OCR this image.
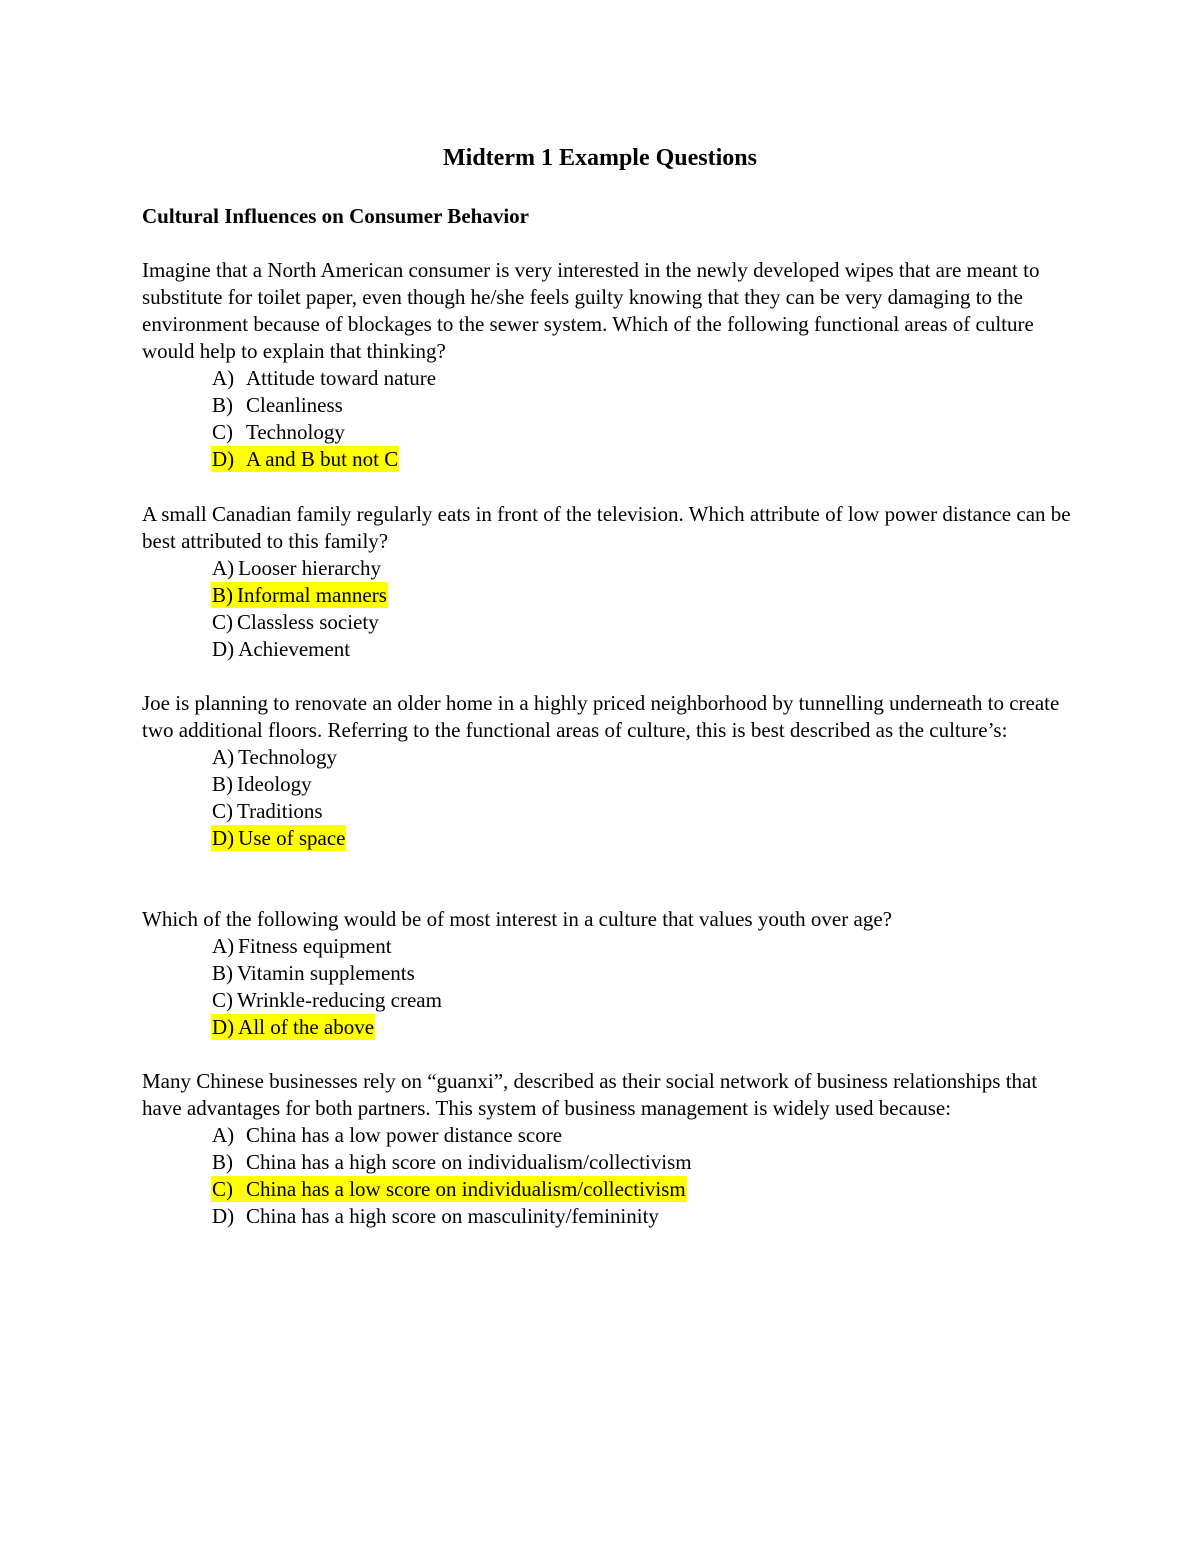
Midterm 1 Example Questions
Cultural Influences on Consumer Behavior

Imagine that a North American consumer is very interested in the newly developed wipes that are meant to substitute for toilet paper, even though he/she feels guilty knowing that they can be very damaging to the environment because of blockages to the sewer system. Which of the following functional areas of culture would help to explain that thinking?

A) Attitude toward nature
B) Cleanliness
C) Technology
D) A and B but not C

A small Canadian family regularly eats in front of the television. Which attribute of low power distance can be best attributed to this family?

A) Looser hierarchy
B) Informal manners
C) Classless society
D) Achievement

Joe is planning to renovate an older home in a highly priced neighborhood by tunnelling underneath to create two additional floors. Referring to the functional areas of culture, this is best described as the culture’s:

A) Technology
B) Ideology
C) Traditions
D) Use of space

Which of the following would be of most interest in a culture that values youth over age?

A) Fitness equipment
B) Vitamin supplements
C) Wrinkle-reducing cream
D) All of the above

Many Chinese businesses rely on “guanxi”, described as their social network of business relationships that have advantages for both partners. This system of business management is widely used because:

A) China has a low power distance score
B) China has a high score on individualism/collectivism
C) China has a low score on individualism/collectivism
D) China has a high score on masculinity/femininity
